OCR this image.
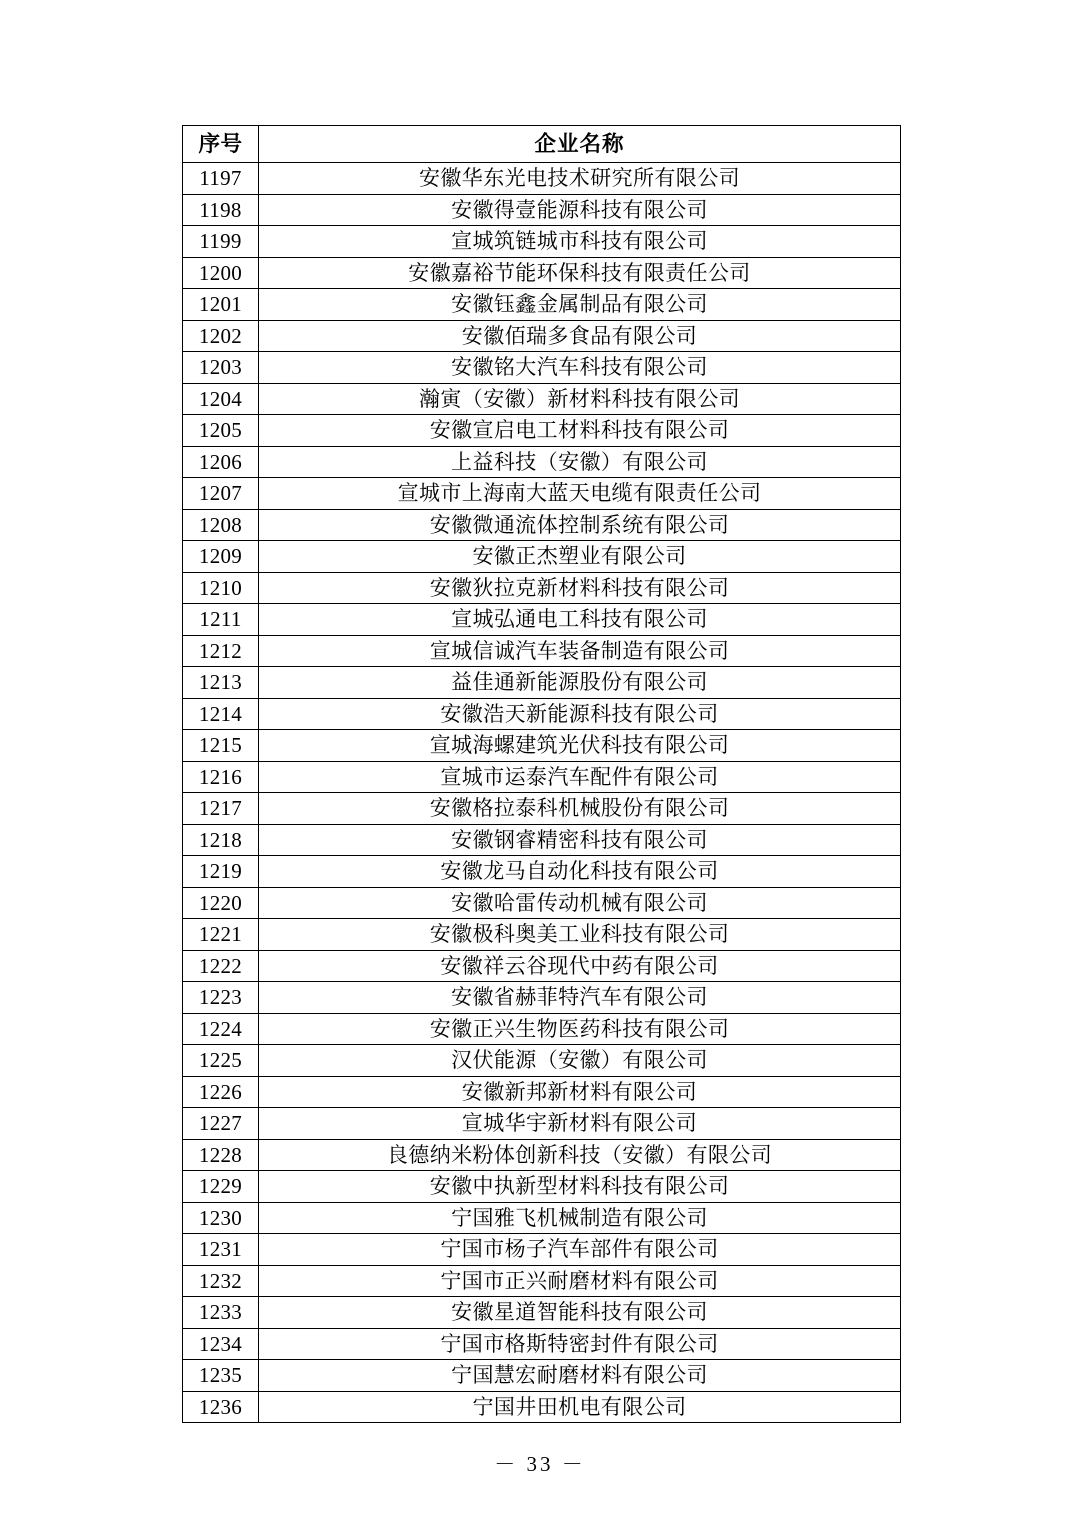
序号	企业名称
1197	安徽华东光电技术研究所有限公司
1198	安徽得壹能源科技有限公司
1199	宣城筑链城市科技有限公司
1200	安徽嘉裕节能环保科技有限责任公司
1201	安徽钰鑫金属制品有限公司
1202	安徽佰瑞多食品有限公司
1203	安徽铭大汽车科技有限公司
1204	瀚寅（安徽）新材料科技有限公司
1205	安徽宣启电工材料科技有限公司
1206	上益科技（安徽）有限公司
1207	宣城市上海南大蓝天电缆有限责任公司
1208	安徽微通流体控制系统有限公司
1209	安徽正杰塑业有限公司
1210	安徽狄拉克新材料科技有限公司
1211	宣城弘通电工科技有限公司
1212	宣城信诚汽车装备制造有限公司
1213	益佳通新能源股份有限公司
1214	安徽浩天新能源科技有限公司
1215	宣城海螺建筑光伏科技有限公司
1216	宣城市运泰汽车配件有限公司
1217	安徽格拉泰科机械股份有限公司
1218	安徽钢睿精密科技有限公司
1219	安徽龙马自动化科技有限公司
1220	安徽哈雷传动机械有限公司
1221	安徽极科奥美工业科技有限公司
1222	安徽祥云谷现代中药有限公司
1223	安徽省赫菲特汽车有限公司
1224	安徽正兴生物医药科技有限公司
1225	汉伏能源（安徽）有限公司
1226	安徽新邦新材料有限公司
1227	宣城华宇新材料有限公司
1228	良德纳米粉体创新科技（安徽）有限公司
1229	安徽中执新型材料科技有限公司
1230	宁国雅飞机械制造有限公司
1231	宁国市杨子汽车部件有限公司
1232	宁国市正兴耐磨材料有限公司
1233	安徽星道智能科技有限公司
1234	宁国市格斯特密封件有限公司
1235	宁国慧宏耐磨材料有限公司
1236	宁国井田机电有限公司
－ 33 －
